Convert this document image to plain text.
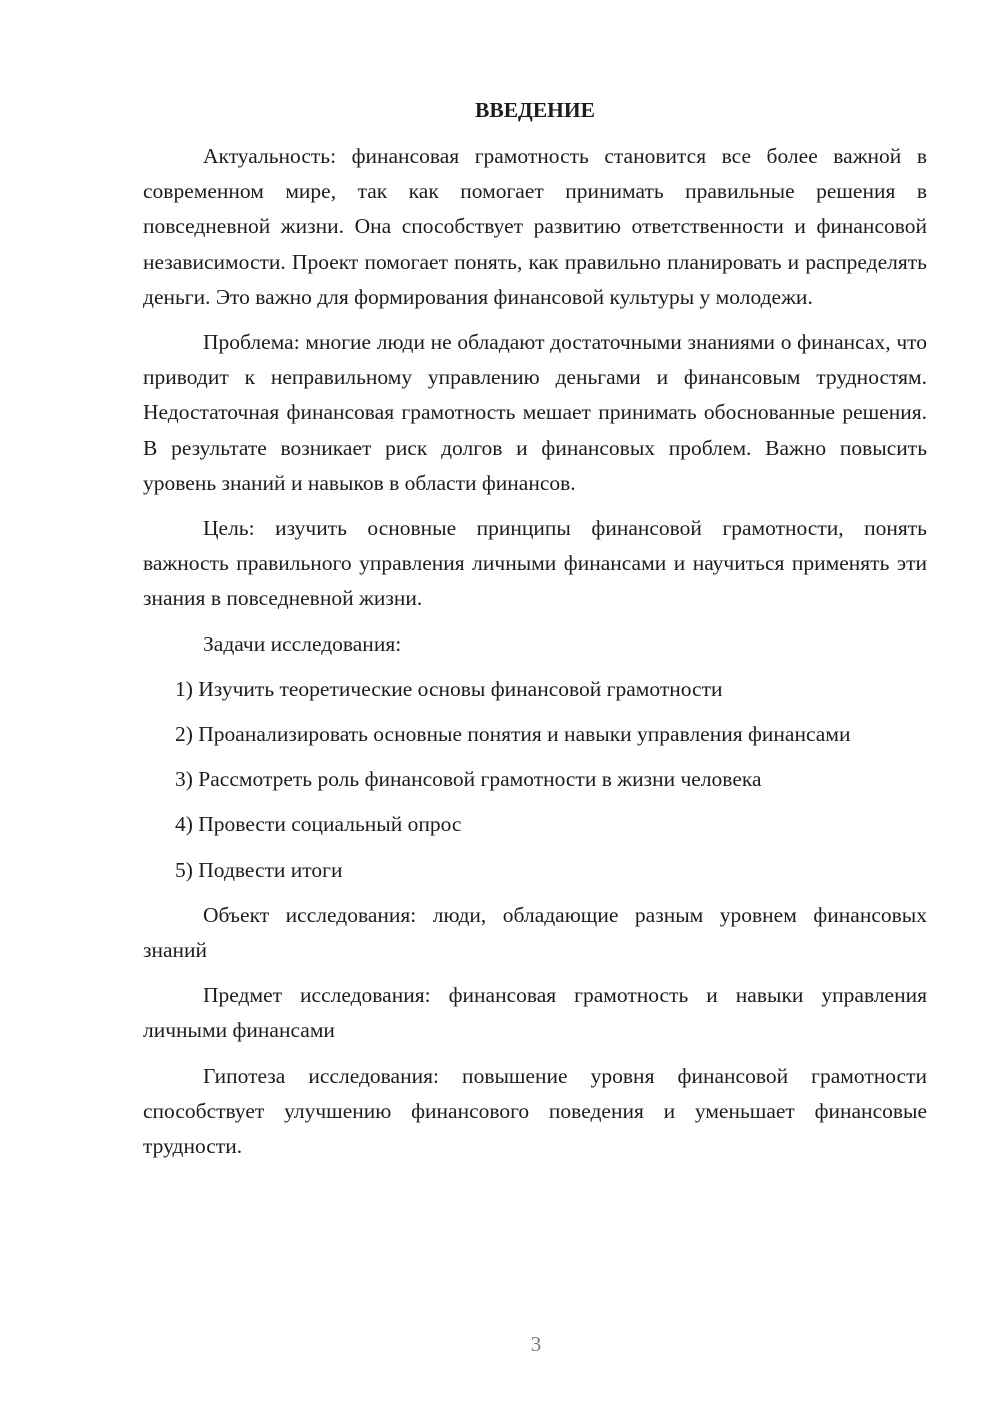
ВВЕДЕНИЕ

Актуальность: финансовая грамотность становится все более важной в современном мире, так как помогает принимать правильные решения в повседневной жизни. Она способствует развитию ответственности и финансовой независимости. Проект помогает понять, как правильно планировать и распределять деньги. Это важно для формирования финансовой культуры у молодежи.

Проблема: многие люди не обладают достаточными знаниями о финансах, что приводит к неправильному управлению деньгами и финансовым трудностям. Недостаточная финансовая грамотность мешает принимать обоснованные решения. В результате возникает риск долгов и финансовых проблем. Важно повысить уровень знаний и навыков в области финансов.

Цель: изучить основные принципы финансовой грамотности, понять важность правильного управления личными финансами и научиться применять эти знания в повседневной жизни.

Задачи исследования:

1) Изучить теоретические основы финансовой грамотности

2) Проанализировать основные понятия и навыки управления финансами

3) Рассмотреть роль финансовой грамотности в жизни человека

4) Провести социальный опрос

5) Подвести итоги

Объект исследования: люди, обладающие разным уровнем финансовых знаний

Предмет исследования: финансовая грамотность и навыки управления личными финансами

Гипотеза исследования: повышение уровня финансовой грамотности способствует улучшению финансового поведения и уменьшает финансовые трудности.

3
